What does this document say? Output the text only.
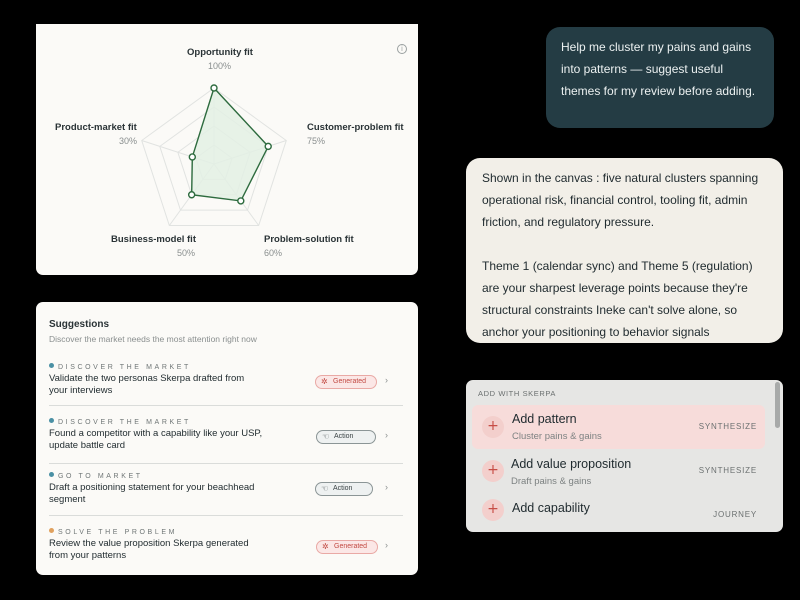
i
Opportunity fit
100%
Customer-problem fit
75%
Problem-solution fit
60%
Business-model fit
50%
Product-market fit
30%
Suggestions
Discover the market needs the most attention right now
DISCOVER THE MARKET
Validate the two personas Skerpa drafted from your interviews
✲ Generated	›
DISCOVER THE MARKET
Found a competitor with a capability like your USP, update battle card
☜ Action	›
GO TO MARKET
Draft a positioning statement for your beachhead segment
☜ Action	›
SOLVE THE PROBLEM
Review the value proposition Skerpa generated from your patterns
✲ Generated	›
Help me cluster my pains and gains into patterns — suggest useful themes for my review before adding.

Shown in the canvas : five natural clusters spanning operational risk, financial control, tooling fit, admin friction, and regulatory pressure.

Theme 1 (calendar sync) and Theme 5 (regulation) are your sharpest leverage points because they're structural constraints Ineke can't solve alone, so anchor your positioning to behavior signals

ADD WITH SKERPA
+	Add pattern
Cluster pains & gains
SYNTHESIZE
+ Add value proposition
Draft pains & gains
SYNTHESIZE
+	Add capability	JOURNEY
